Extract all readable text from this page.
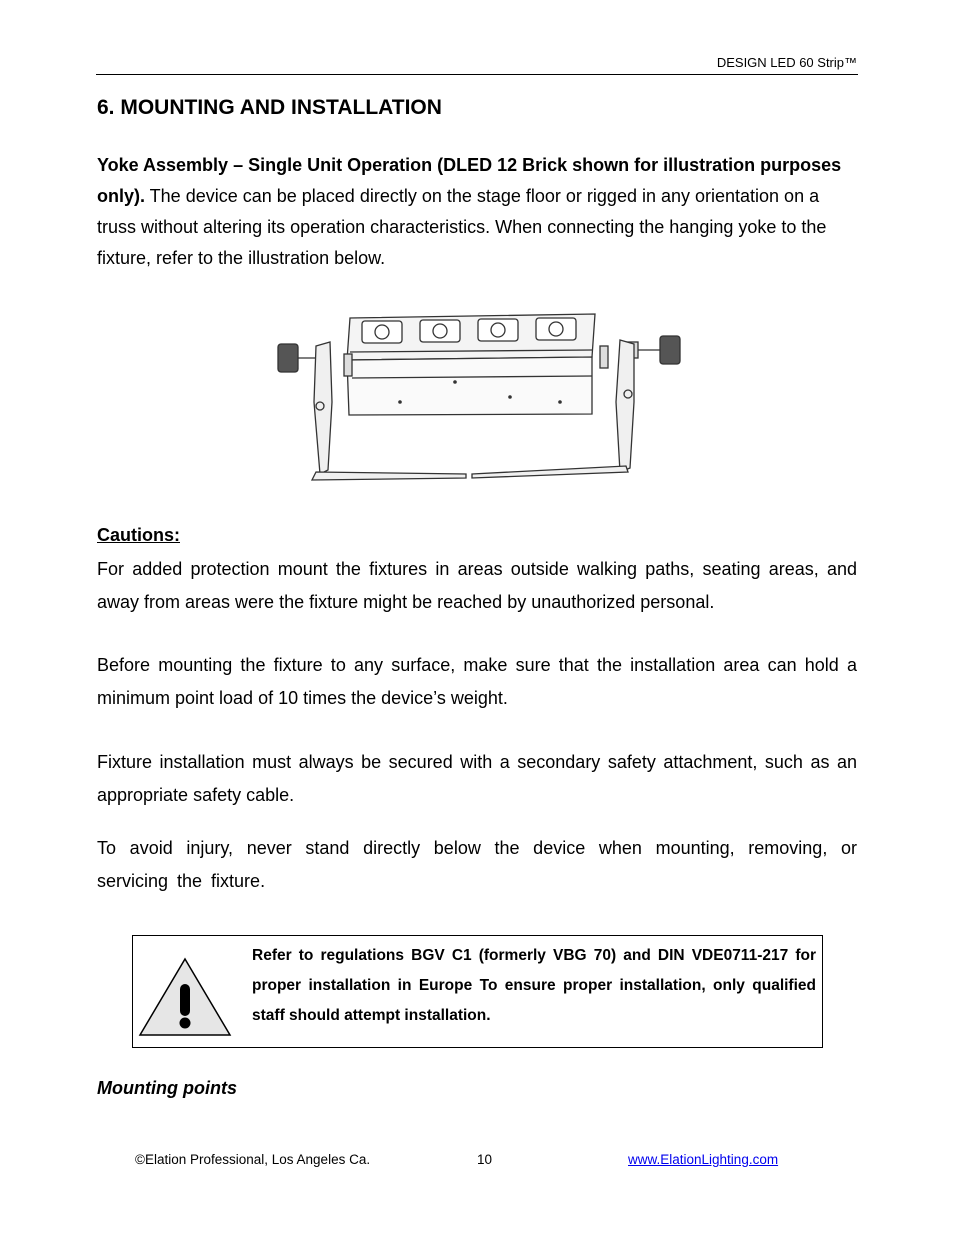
DESIGN LED 60 Strip™
6. MOUNTING AND INSTALLATION

Yoke Assembly – Single Unit Operation (DLED 12 Brick shown for illustration purposes only). The device can be placed directly on the stage floor or rigged in any orientation on a truss without altering its operation characteristics. When connecting the hanging yoke to the fixture, refer to the illustration below.

Cautions:

For added protection mount the fixtures in areas outside walking paths, seating areas, and away from areas were the fixture might be reached by unauthorized personal.

Before mounting the fixture to any surface, make sure that the installation area can hold a minimum point load of 10 times the device’s weight.

Fixture installation must always be secured with a secondary safety attachment, such as an appropriate safety cable.

To avoid injury, never stand directly below the device when mounting, removing, or servicing the fixture.

Refer to regulations BGV C1 (formerly VBG 70) and DIN VDE0711-217 for proper installation in Europe To ensure proper installation, only qualified staff should attempt installation.

Mounting points
©Elation Professional, Los Angeles Ca.	10	www.ElationLighting.com
